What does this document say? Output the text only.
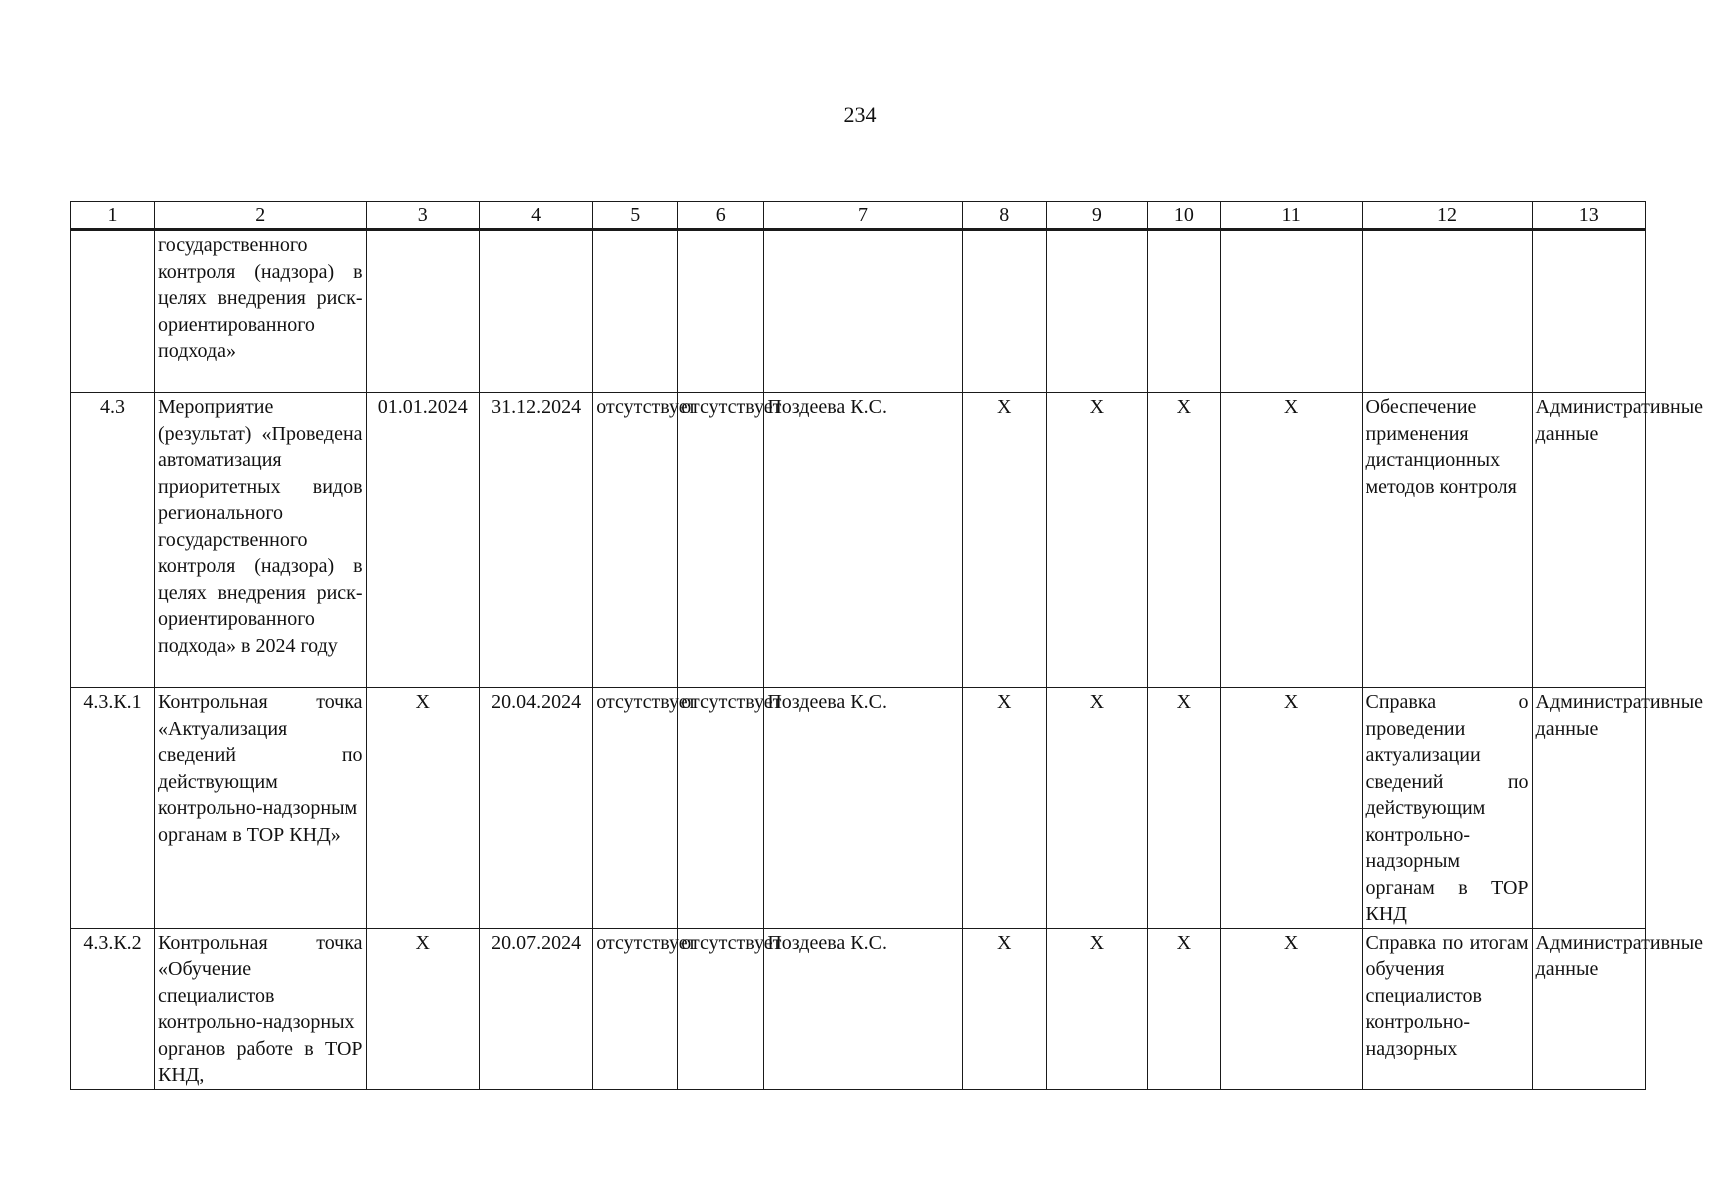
234
1	2	3	4	5	6	7	8	9	10	11	12	13
	государственного контроля (надзора) в целях внедрения риск-ориентированного подхода»											
4.3	Мероприятие (результат) «Проведена автоматизация приоритетных видов регионального государственного контроля (надзора) в целях внедрения риск-ориентированного подхода» в 2024 году	01.01.2024	31.12.2024	отсутствует	отсутствует	Поздеева К.С.	Х	Х	Х	Х	Обеспечение применения дистанционных методов контроля	Административные данные
4.3.К.1	Контрольная точка «Актуализация сведений по действующим контрольно-надзорным органам в ТОР КНД»	Х	20.04.2024	отсутствует	отсутствует	Поздеева К.С.	Х	Х	Х	Х	Справка о проведении актуализации сведений по действующим контрольно-надзорным органам в ТОР КНД	Административные данные
4.3.К.2	Контрольная точка «Обучение специалистов контрольно-надзорных органов работе в ТОР КНД,	Х	20.07.2024	отсутствует	отсутствует	Поздеева К.С.	Х	Х	Х	Х	Справка по итогам обучения специалистов контрольно-надзорных	Административные данные
